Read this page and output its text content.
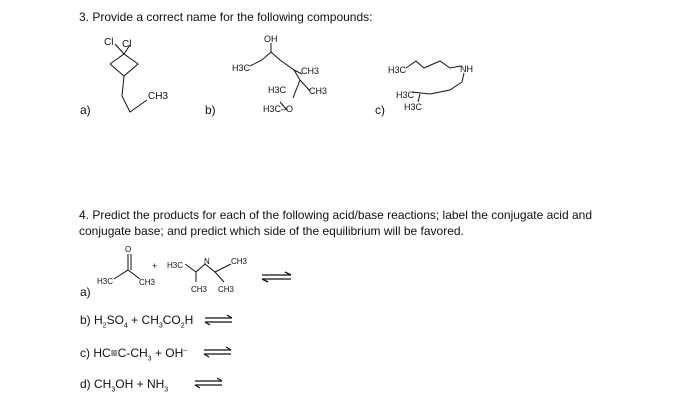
3. Provide a correct name for the following compounds:
Cl Cl
CH3
H3C
OH
CH3
CH3
H3C
H3C–O
H3C	NH
H3C
H3C
a)	b)	c)
4. Predict the products for each of the following acid/base reactions; label the conjugate acid and
conjugate base; and predict which side of the equilibrium will be favored.
H3C
O
CH3
+ H3C	N	CH3
CH3 CH3
a)
b) $H_2SO_4 + CH_3CO_2H$
c) $HC\equiv C-CH_3 + OH^-$
d) $CH_3OH + NH_3$
